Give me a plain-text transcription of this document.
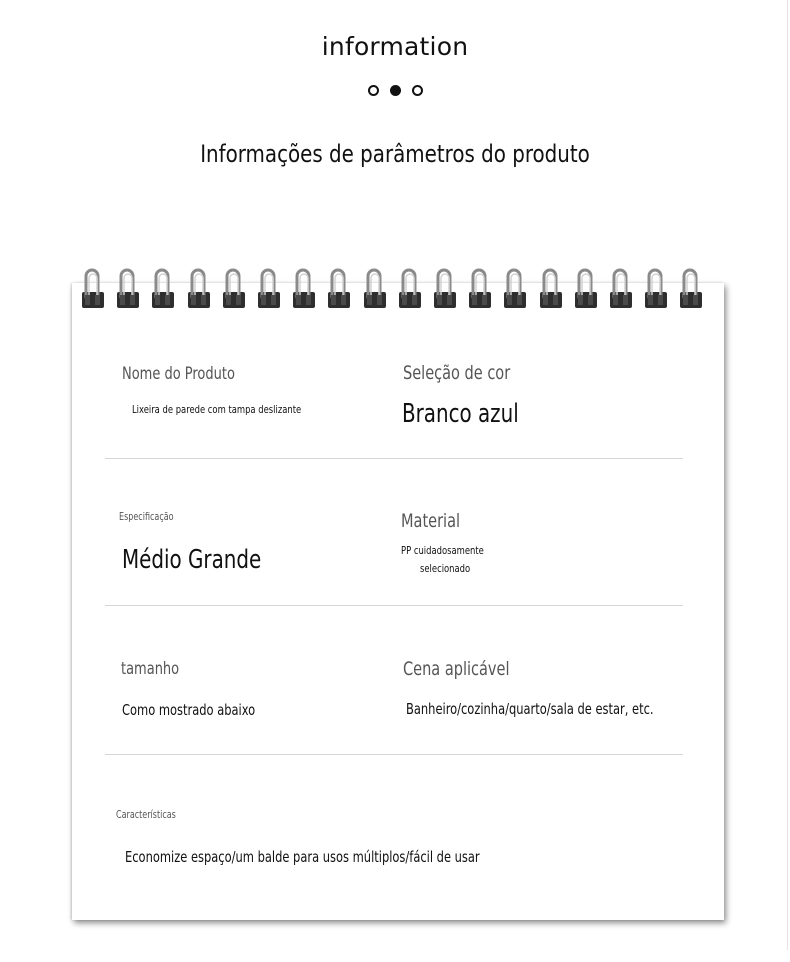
information
Informações de parâmetros do produto
Nome do Produto
Lixeira de parede com tampa deslizante
Seleção de cor
Branco azul
Especificação
Médio Grande
Material
PP cuidadosamente
selecionado
tamanho
Como mostrado abaixo
Cena aplicável
Banheiro/cozinha/quarto/sala de estar, etc.
Características
Economize espaço/um balde para usos múltiplos/fácil de usar
